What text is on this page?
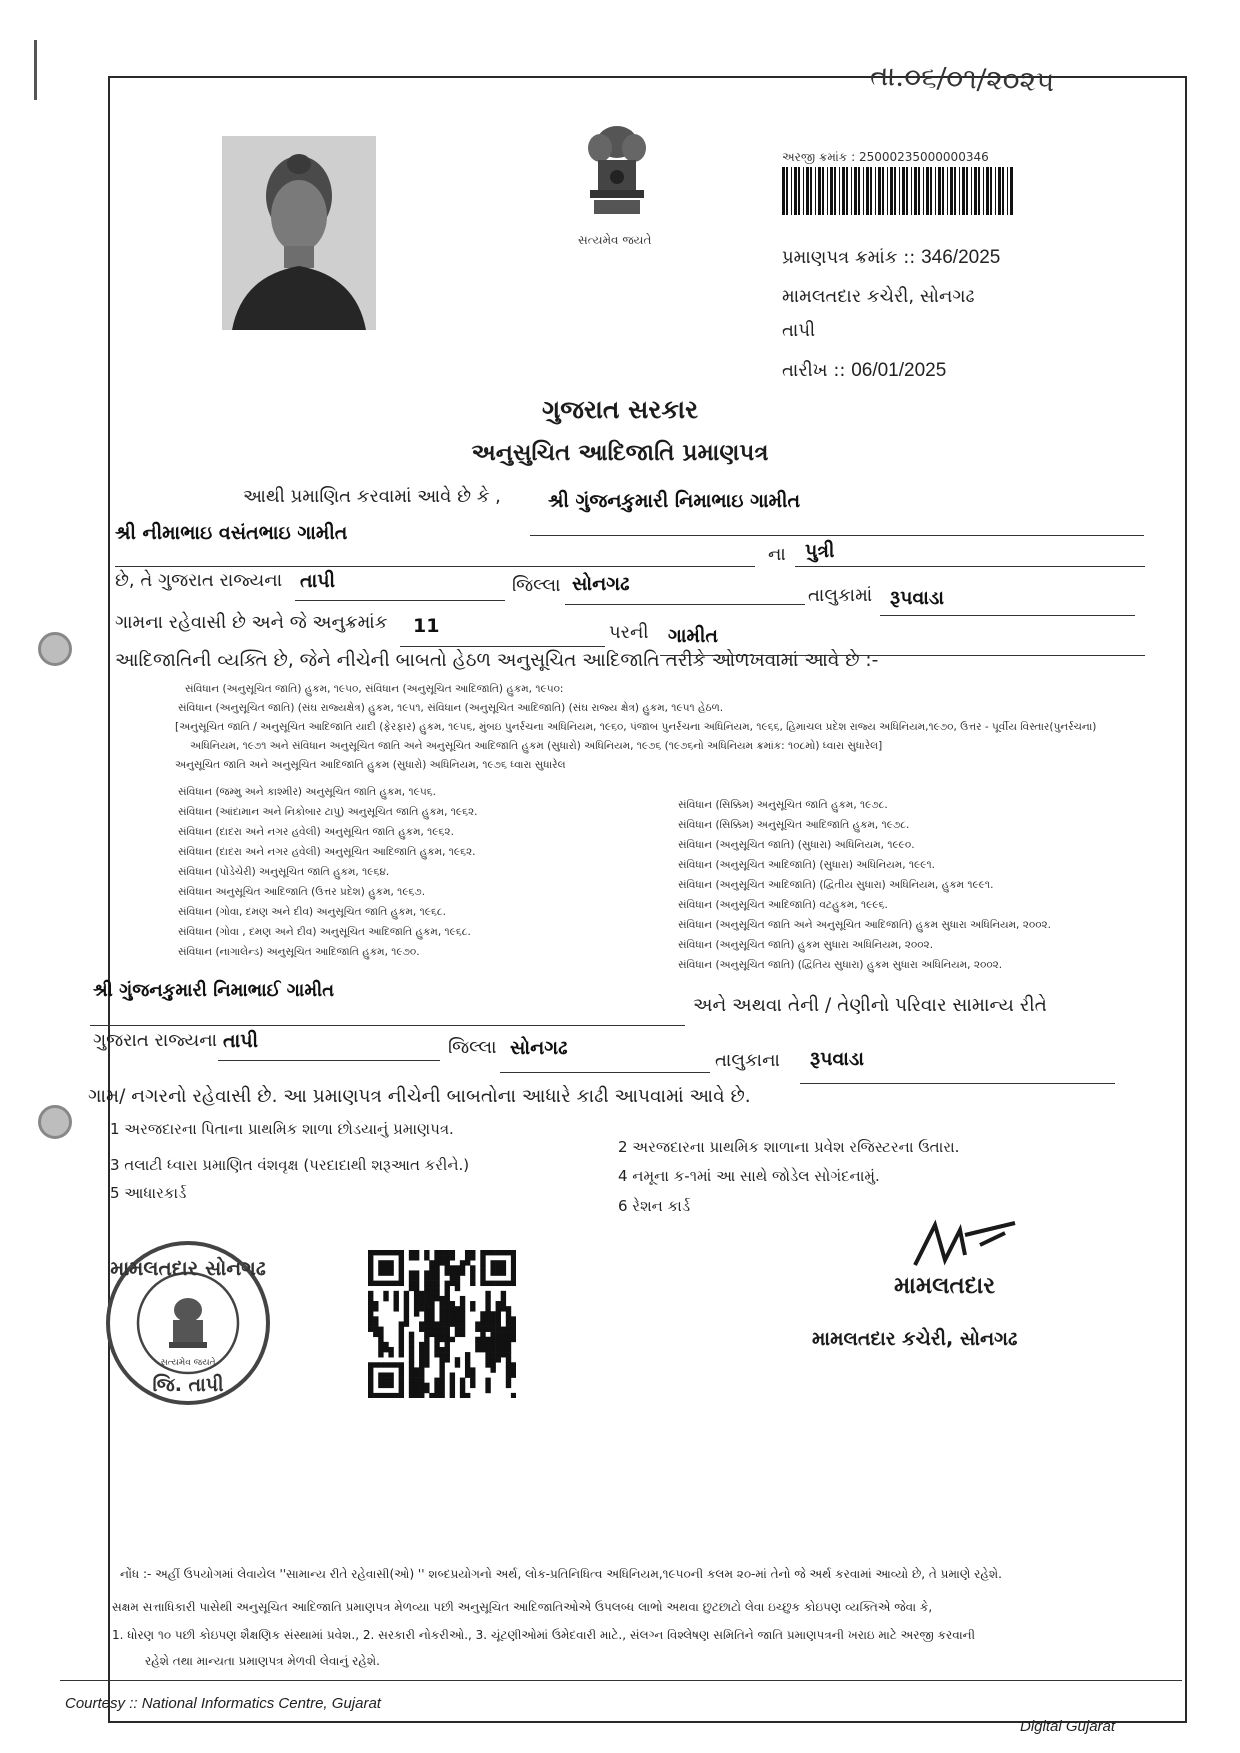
તા.૦૬/૦૧/૨૦૨૫
સત્યમેવ જયતે
અરજી ક્રમાંક : 25000235000000346
પ્રમાણપત્ર ક્રમાંક :: 346/2025
મામલતદાર કચેરી, સોનગઢ
તાપી
તારીખ :: 06/01/2025
ગુજરાત સરકાર
અનુસુચિત આદિજાતિ પ્રમાણપત્ર
આથી પ્રમાણિત કરવામાં આવે છે કે , શ્રી ગુંજનકુમારી નિમાભાઇ ગામીત
શ્રી નીમાભાઇ વસંતભાઇ ગામીત
ના પુત્રી
છે, તે ગુજરાત રાજ્યના તાપી	જિલ્લા સોનગઢ
તાલુકામાં રૂપવાડા
ગામના રહેવાસી છે અને જે અનુક્રમાંક 11	પરની ગામીત
આદિજાતિની વ્યક્તિ છે, જેને નીચેની બાબતો હેઠળ અનુસૂચિત આદિજાતિ તરીકે ઓળખવામાં આવે છે :-
સંવિધાન (અનુસૂચિત જાતિ) હુકમ, ૧૯૫૦, સંવિધાન (અનુસૂચિત આદિજાતિ) હુકમ, ૧૯૫૦:
સંવિધાન (અનુસૂચિત જાતિ) (સંઘ રાજ્યક્ષેત્ર) હુકમ, ૧૯૫૧, સંવિધાન (અનુસૂચિત આદિજાતિ) (સંઘ રાજ્ય ક્ષેત્ર) હુકમ, ૧૯૫૧ હેઠળ.
[અનુસૂચિત જાતિ / અનુસૂચિત આદિજાતિ યાદી (ફેરફાર) હુકમ, ૧૯૫૬, મુંબઇ પુનર્રચના અધિનિયમ, ૧૯૬૦, પંજાબ પુનર્રચના અધિનિયમ, ૧૯૬૬, હિમાચલ પ્રદેશ રાજ્ય અધિનિયમ,૧૯૭૦, ઉત્તર - પૂર્વીય વિસ્તાર(પુનર્રચના)
અધિનિયમ, ૧૯૭૧ અને સંવિધાન અનુસૂચિત જાતિ અને અનુસૂચિત આદિજાતિ હુકમ (સુધારો) અધિનિયમ, ૧૯૭૬ (૧૯૭૬નો અધિનિયમ ક્રમાંક: ૧૦૮મો) ધ્વારા સુધારેલ]
અનુસૂચિત જાતિ અને અનુસૂચિત આદિજાતિ હુકમ (સુધારો) અધિનિયમ, ૧૯૭૬ ધ્વારા સુધારેલ
સંવિધાન (જમ્મુ અને કાશ્મીર) અનુસૂચિત જાતિ હુકમ, ૧૯૫૬.
સંવિધાન (આંદામાન અને નિકોબાર ટાપુ) અનુસૂચિત જાતિ હુકમ, ૧૯૬૨.
સંવિધાન (દાદરા અને નગર હવેલી) અનુસૂચિત જાતિ હુકમ, ૧૯૬૨.
સંવિધાન (દાદરા અને નગર હવેલી) અનુસૂચિત આદિજાતિ હુકમ, ૧૯૬૨.
સંવિધાન (પોંડેચેરી) અનુસૂચિત જાતિ હુકમ, ૧૯૬૪.
સંવિધાન અનુસૂચિત આદિજાતિ (ઉત્તર પ્રદેશ) હુકમ, ૧૯૬૭.
સંવિધાન (ગોવા, દમણ અને દીવ) અનુસૂચિત જાતિ હુકમ, ૧૯૬૮.
સંવિધાન (ગોવા , દમણ અને દીવ) અનુસૂચિત આદિજાતિ હુકમ, ૧૯૬૮.
સંવિધાન (નાગાલેન્ડ) અનુસૂચિત આદિજાતિ હુકમ, ૧૯૭૦.
સંવિધાન (સિક્કિમ) અનુસૂચિત જાતિ હુકમ, ૧૯૭૮.
સંવિધાન (સિક્કિમ) અનુસૂચિત આદિજાતિ હુકમ, ૧૯૭૮.
સંવિધાન (અનુસૂચિત જાતિ) (સુધારા) અધિનિયમ, ૧૯૯૦.
સંવિધાન (અનુસૂચિત આદિજાતિ) (સુધારા) અધિનિયમ, ૧૯૯૧.
સંવિધાન (અનુસૂચિત આદિજાતિ) (દ્વિતીય સુધારા) અધિનિયમ, હુકમ ૧૯૯૧.
સંવિધાન (અનુસૂચિત આદિજાતિ) વટહુકમ, ૧૯૯૬.
સંવિધાન (અનુસૂચિત જાતિ અને અનુસૂચિત આદિજાતિ) હુકમ સુધારા અધિનિયમ, ૨૦૦૨.
સંવિધાન (અનુસૂચિત જાતિ) હુકમ સુધારા અધિનિયમ, ૨૦૦૨.
સંવિધાન (અનુસૂચિત જાતિ) (દ્વિતિય સુધારા) હુકમ સુધારા અધિનિયમ, ૨૦૦૨.
શ્રી ગુંજનકુમારી નિમાભાઈ ગામીત
અને અથવા તેની / તેણીનો પરિવાર સામાન્ય રીતે
ગુજરાત રાજ્યના તાપી	જિલ્લા સોનગઢ
તાલુકાના રૂપવાડા
ગામ/ નગરનો રહેવાસી છે. આ પ્રમાણપત્ર નીચેની બાબતોના આધારે કાઢી આપવામાં આવે છે.
1 અરજદારના પિતાના પ્રાથમિક શાળા છોડયાનું પ્રમાણપત્ર.
2 અરજદારના પ્રાથમિક શાળાના પ્રવેશ રજિસ્ટરના ઉતારા.
3 તલાટી ધ્વારા પ્રમાણિત વંશવૃક્ષ (પરદાદાથી શરૂઆત કરીને.)
4 નમૂના ક-૧માં આ સાથે જોડેલ સોગંદનામું.
5 આધારકાર્ડ
6 રેશન કાર્ડ
મામલતદાર સોનગઢ
સત્યમેવ જયતે
જિ. તાપી
મામલતદાર
મામલતદાર કચેરી, સોનગઢ
નોંધ :- અહીં ઉપયોગમાં લેવાયેલ ''સામાન્ય રીતે રહેવાસી(ઓ) '' શબ્દપ્રયોગનો અર્થ, લોક-પ્રતિનિધિત્વ અધિનિયમ,૧૯૫૦ની કલમ ૨૦-માં તેનો જે અર્થ કરવામાં આવ્યો છે, તે પ્રમાણે રહેશે.
સક્ષમ સત્તાધિકારી પાસેથી અનુસૂચિત આદિજાતિ પ્રમાણપત્ર મેળવ્યા પછી અનુસૂચિત આદિજાતિઓએ ઉપલબ્ધ લાભો અથવા છુટછાટો લેવા ઇચ્છુક કોઇપણ વ્યક્તિએ જેવા કે,
1. ધોરણ ૧૦ પછી કોઇપણ શૈક્ષણિક સંસ્થામાં પ્રવેશ., 2. સરકારી નોકરીઓ., 3. ચૂંટણીઓમાં ઉમેદવારી માટે., સંલગ્ન વિશ્લેષણ સમિતિને જાતિ પ્રમાણપત્રની ખરાઇ માટે અરજી કરવાની
રહેશે તથા માન્યતા પ્રમાણપત્ર મેળવી લેવાનું રહેશે.
Courtesy :: National Informatics Centre, Gujarat
Digital Gujarat
